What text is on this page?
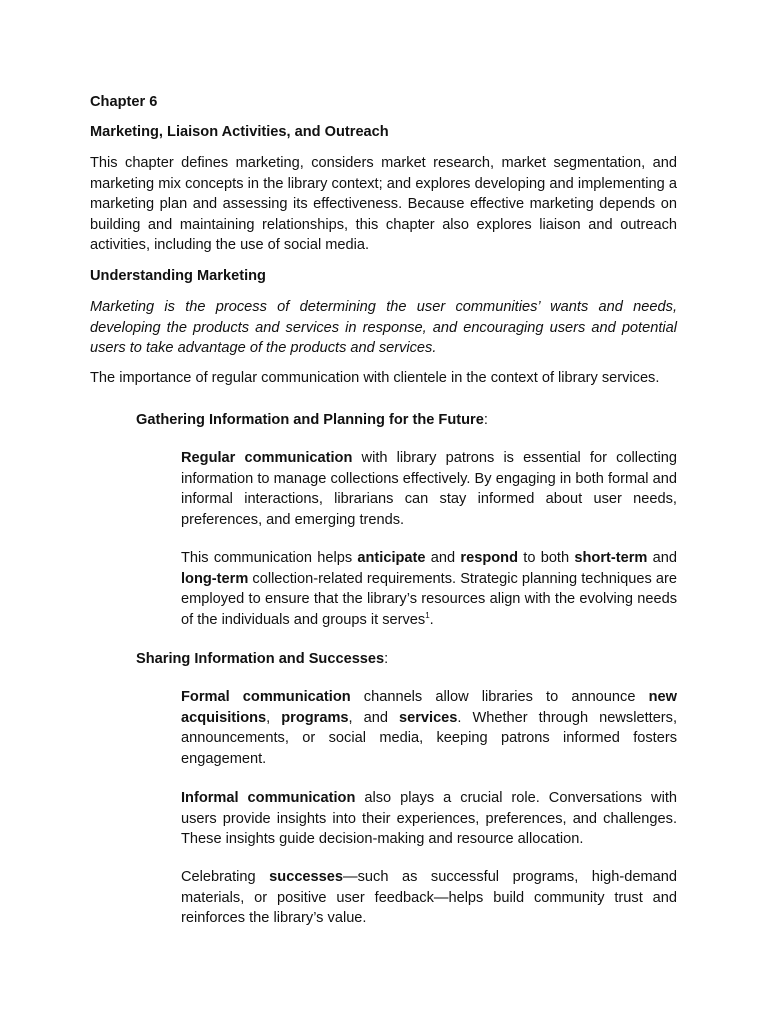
Chapter 6

Marketing, Liaison Activities, and Outreach

This chapter defines marketing, considers market research, market segmentation, and marketing mix concepts in the library context; and explores developing and implementing a marketing plan and assessing its effectiveness. Because effective marketing depends on building and maintaining relationships, this chapter also explores liaison and outreach activities, including the use of social media.

Understanding Marketing

Marketing is the process of determining the user communities’ wants and needs, developing the products and services in response, and encouraging users and potential users to take advantage of the products and services.

The importance of regular communication with clientele in the context of library services.

Gathering Information and Planning for the Future:

Regular communication with library patrons is essential for collecting information to manage collections effectively. By engaging in both formal and informal interactions, librarians can stay informed about user needs, preferences, and emerging trends.

This communication helps anticipate and respond to both short-term and long-term collection-related requirements. Strategic planning techniques are employed to ensure that the library’s resources align with the evolving needs of the individuals and groups it serves$^1$.

Sharing Information and Successes:

Formal communication channels allow libraries to announce new acquisitions, programs, and services. Whether through newsletters, announcements, or social media, keeping patrons informed fosters engagement.

Informal communication also plays a crucial role. Conversations with users provide insights into their experiences, preferences, and challenges. These insights guide decision-making and resource allocation.

Celebrating successes—such as successful programs, high-demand materials, or positive user feedback—helps build community trust and reinforces the library’s value.
